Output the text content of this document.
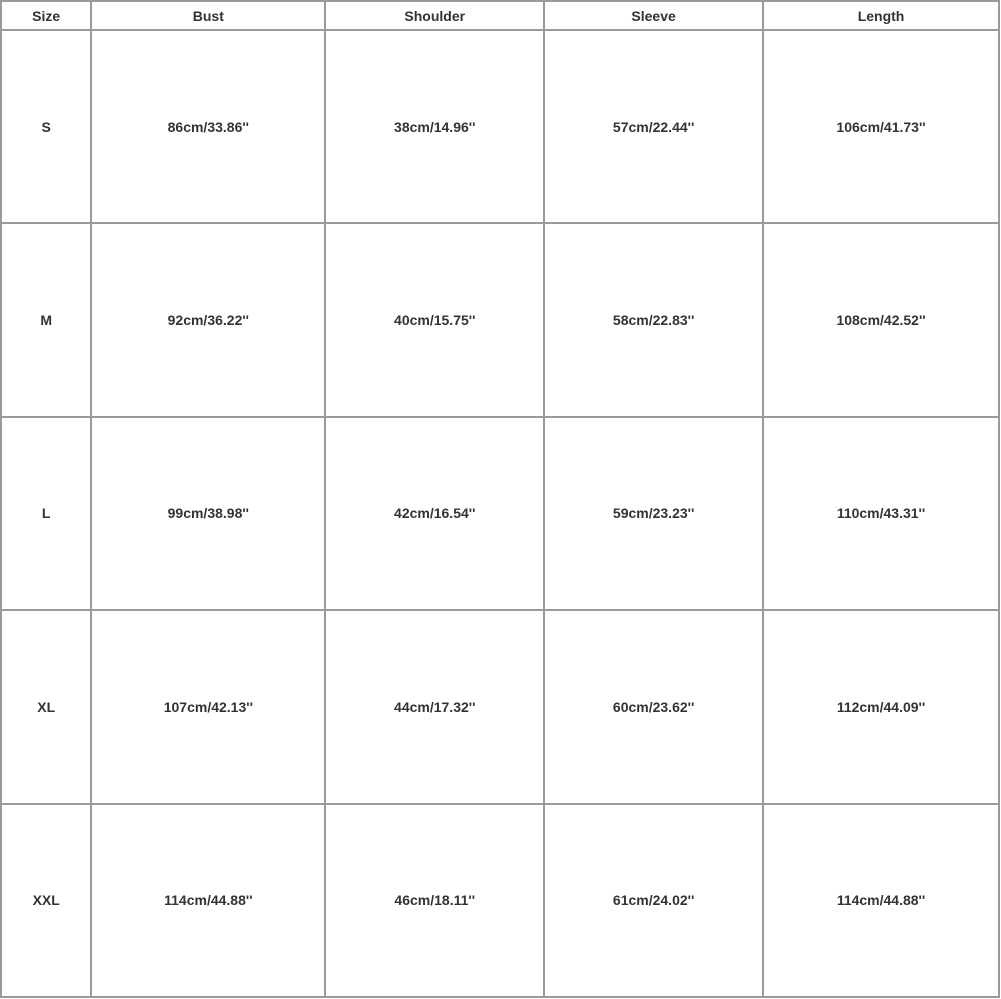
Size	Bust	Shoulder	Sleeve	Length
S	86cm/33.86''	38cm/14.96''	57cm/22.44''	106cm/41.73''
M	92cm/36.22''	40cm/15.75''	58cm/22.83''	108cm/42.52''
L	99cm/38.98''	42cm/16.54''	59cm/23.23''	110cm/43.31''
XL	107cm/42.13''	44cm/17.32''	60cm/23.62''	112cm/44.09''
XXL	114cm/44.88''	46cm/18.11''	61cm/24.02''	114cm/44.88''
